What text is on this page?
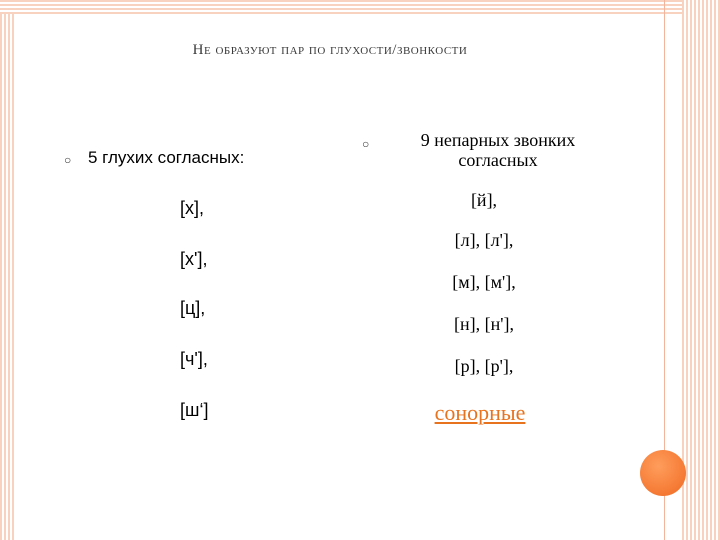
Не образуют пар по глухости/звонкости
○ 5 глухих согласных:
[х],
[х'],
[ц],
[ч'],
[ш‘]
○	9 непарных звонких
согласных
[й],
[л], [л'],
[м], [м'],
[н], [н'],
[р], [р'],
сонорные
